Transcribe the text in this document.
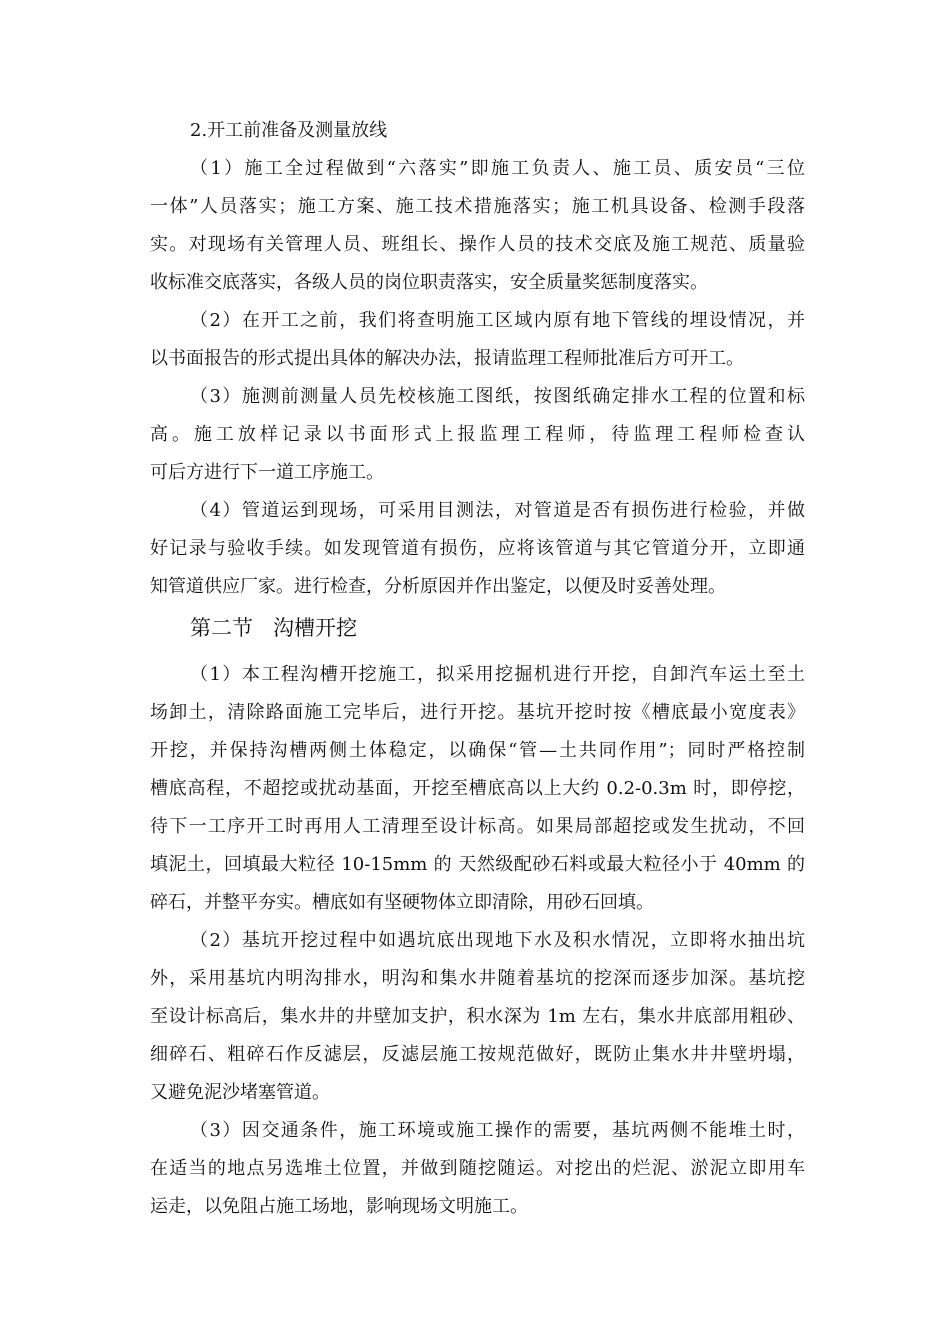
2.开工前准备及测量放线
（1）施工全过程做到“六落实”即施工负责人、施工员、质安员“三位
一体”人员落实；施工方案、施工技术措施落实；施工机具设备、检测手段落
实。对现场有关管理人员、班组长、操作人员的技术交底及施工规范、质量验
收标准交底落实，各级人员的岗位职责落实，安全质量奖惩制度落实。
（2）在开工之前，我们将查明施工区域内原有地下管线的埋设情况，并
以书面报告的形式提出具体的解决办法，报请监理工程师批准后方可开工。
（3）施测前测量人员先校核施工图纸，按图纸确定排水工程的位置和标
高。施工放样记录以书面形式上报监理工程师，待监理工程师检查认
可后方进行下一道工序施工。
（4）管道运到现场，可采用目测法，对管道是否有损伤进行检验，并做
好记录与验收手续。如发现管道有损伤，应将该管道与其它管道分开，立即通
知管道供应厂家。进行检查，分析原因并作出鉴定，以便及时妥善处理。
第二节   沟槽开挖
（1）本工程沟槽开挖施工，拟采用挖掘机进行开挖，自卸汽车运土至土
场卸土，清除路面施工完毕后，进行开挖。基坑开挖时按《槽底最小宽度表》
开挖，并保持沟槽两侧土体稳定，以确保“管—土共同作用”；同时严格控制
槽底高程，不超挖或扰动基面，开挖至槽底高以上大约 0.2-0.3m 时，即停挖，
待下一工序开工时再用人工清理至设计标高。如果局部超挖或发生扰动，不回
填泥土，回填最大粒径 10-15mm 的 天然级配砂石料或最大粒径小于 40mm 的
碎石，并整平夯实。槽底如有坚硬物体立即清除，用砂石回填。
（2）基坑开挖过程中如遇坑底出现地下水及积水情况，立即将水抽出坑
外，采用基坑内明沟排水，明沟和集水井随着基坑的挖深而逐步加深。基坑挖
至设计标高后，集水井的井壁加支护，积水深为 1m 左右，集水井底部用粗砂、
细碎石、粗碎石作反滤层，反滤层施工按规范做好，既防止集水井井壁坍塌，
又避免泥沙堵塞管道。
（3）因交通条件，施工环境或施工操作的需要，基坑两侧不能堆土时，
在适当的地点另选堆土位置，并做到随挖随运。对挖出的烂泥、淤泥立即用车
运走，以免阻占施工场地，影响现场文明施工。
